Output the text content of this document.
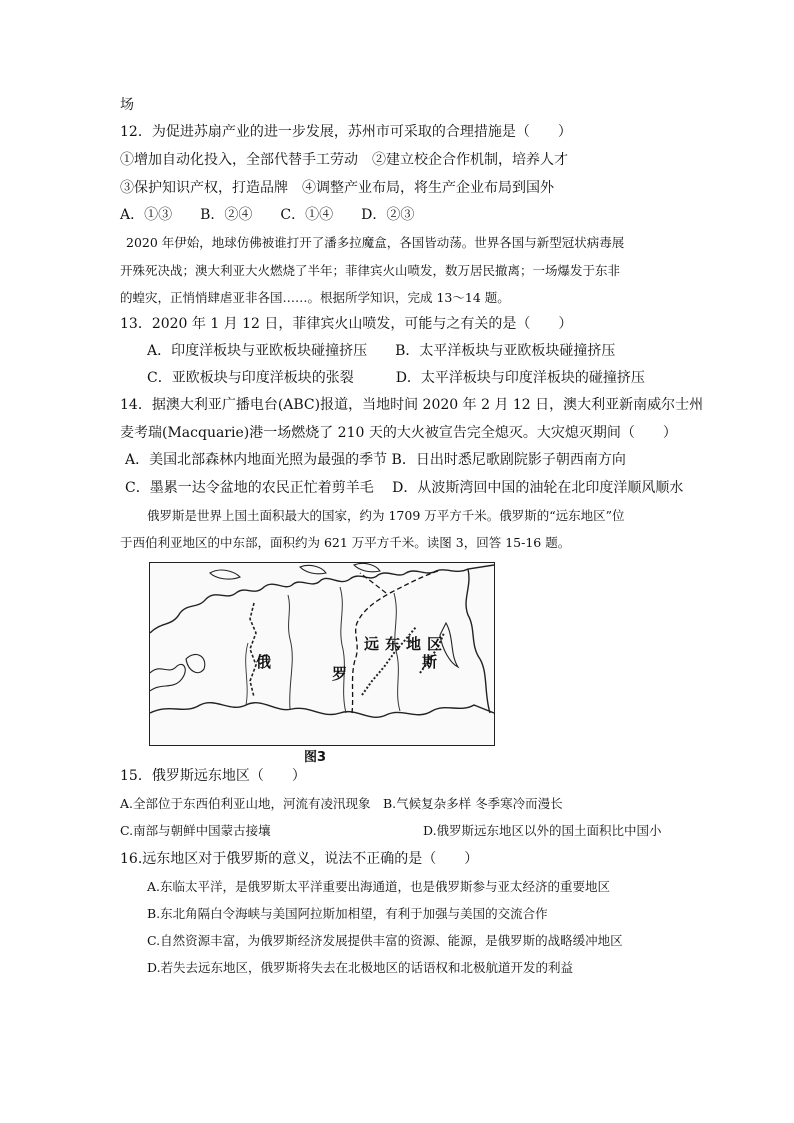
场
12．为促进苏扇产业的进一步发展，苏州市可采取的合理措施是（　　）
①增加自动化投入，全部代替手工劳动　②建立校企合作机制，培养人才
③保护知识产权，打造品牌　④调整产业布局，将生产企业布局到国外
A．①③　　B．②④　　C．①④　　D．②③
2020 年伊始，地球仿佛被谁打开了潘多拉魔盒，各国皆动荡。世界各国与新型冠状病毒展
开殊死决战；澳大利亚大火燃烧了半年；菲律宾火山喷发，数万居民撤离；一场爆发于东非
的蝗灾，正悄悄肆虐亚非各国……。根据所学知识，完成 13～14 题。
13．2020 年 1 月 12 日，菲律宾火山喷发，可能与之有关的是（　　）
A．印度洋板块与亚欧板块碰撞挤压　　B．太平洋板块与亚欧板块碰撞挤压
C．亚欧板块与印度洋板块的张裂　　　D．太平洋板块与印度洋板块的碰撞挤压
14．据澳大利亚广播电台(ABC)报道，当地时间 2020 年 2 月 12 日，澳大利亚新南威尔士州
麦考瑞(Macquarie)港一场燃烧了 210 天的大火被宣告完全熄灭。大灾熄灭期间（　　）
A．美国北部森林内地面光照为最强的季节 B．日出时悉尼歌剧院影子朝西南方向
C．墨累一达令盆地的农民正忙着剪羊毛　 D．从波斯湾回中国的油轮在北印度洋顺风顺水
俄罗斯是世界上国土面积最大的国家，约为 1709 万平方千米。俄罗斯的“远东地区”位
于西伯利亚地区的中东部，面积约为 621 万平方千米。读图 3，回答 15-16 题。
远东地区
俄
罗
斯
图3
15．俄罗斯远东地区（　　）
A.全部位于东西伯利亚山地，河流有凌汛现象　B.气候复杂多样 冬季寒冷而漫长
C.南部与朝鲜中国蒙古接壤	D.俄罗斯远东地区以外的国土面积比中国小
16.远东地区对于俄罗斯的意义，说法不正确的是（　　）
A.东临太平洋，是俄罗斯太平洋重要出海通道，也是俄罗斯参与亚太经济的重要地区
B.东北角隔白令海峡与美国阿拉斯加相望，有利于加强与美国的交流合作
C.自然资源丰富，为俄罗斯经济发展提供丰富的资源、能源，是俄罗斯的战略缓冲地区
D.若失去远东地区，俄罗斯将失去在北极地区的话语权和北极航道开发的利益
